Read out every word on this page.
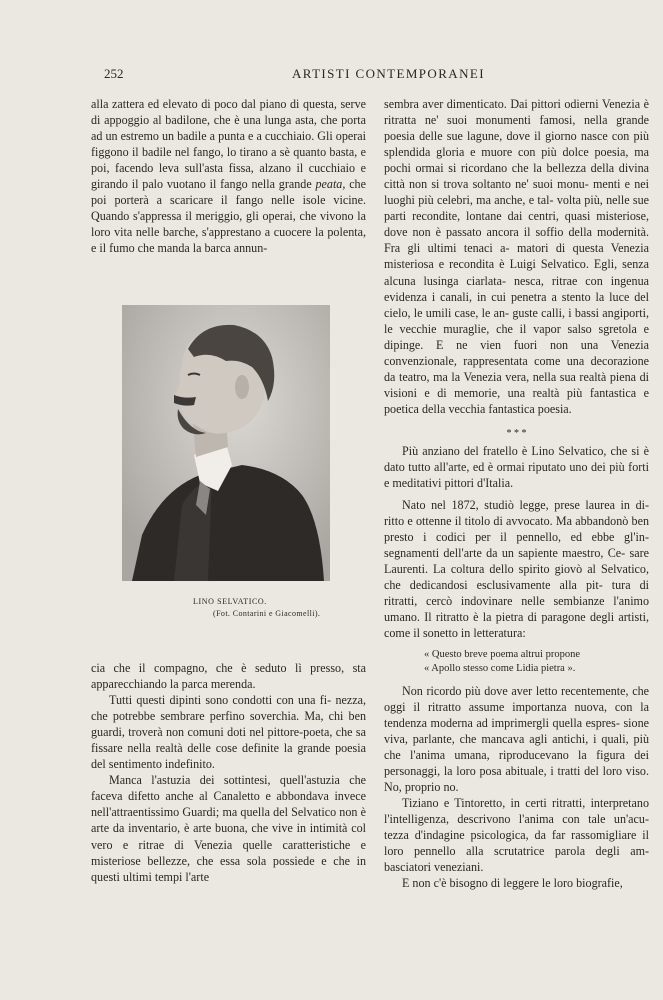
252	ARTISTI CONTEMPORANEI

alla zattera ed elevato di poco dal piano di questa, serve di appoggio al badilone, che è una lunga asta, che porta ad un estremo un badile a punta e a cucchiaio. Gli operai figgono il badile nel fango, lo tirano a sè quanto basta, e poi, facendo leva sull'asta fissa, alzano il cucchiaio e girando il palo vuotano il fango nella grande peata, che poi porterà a scaricare il fango nelle isole vicine. Quando s'appressa il meriggio, gli operai, che vivono la loro vita nelle barche, s'apprestano a cuocere la polenta, e il fumo che manda la barca annun-

LINO SELVATICO.
(Fot. Contarini e Giacomelli).

cia che il compagno, che è seduto lì presso, sta apparecchiando la parca merenda.

Tutti questi dipinti sono condotti con una fi- nezza, che potrebbe sembrare perfino soverchia. Ma, chi ben guardi, troverà non comuni doti nel pittore-poeta, che sa fissare nella realtà delle cose definite la grande poesia del sentimento indefinito.

Manca l'astuzia dei sottintesi, quell'astuzia che faceva difetto anche al Canaletto e abbondava invece nell'attraentissimo Guardi; ma quella del Selvatico non è arte da inventario, è arte buona, che vive in intimità col vero e ritrae di Venezia quelle caratteristiche e misteriose bellezze, che essa sola possiede e che in questi ultimi tempi l'arte

sembra aver dimenticato. Dai pittori odierni Venezia è ritratta ne' suoi monumenti famosi, nella grande poesia delle sue lagune, dove il giorno nasce con più splendida gloria e muore con più dolce poesia, ma pochi ormai si ricordano che la bellezza della divina città non si trova soltanto ne' suoi monu- menti e nei luoghi più celebri, ma anche, e tal- volta più, nelle sue parti recondite, lontane dai centri, quasi misteriose, dove non è passato ancora il soffio della modernità. Fra gli ultimi tenaci a- matori di questa Venezia misteriosa e recondita è Luigi Selvatico. Egli, senza alcuna lusinga ciarlata- nesca, ritrae con ingenua evidenza i canali, in cui penetra a stento la luce del cielo, le umili case, le an- guste calli, i bassi angiporti, le vecchie muraglie, che il vapor salso sgretola e dipinge. E ne vien fuori non una Venezia convenzionale, rappresentata come una decorazione da teatro, ma la Venezia vera, nella sua realtà piena di visioni e di memorie, una realtà più fantastica e poetica della vecchia fantastica poesia.

* * *

Più anziano del fratello è Lino Selvatico, che si è dato tutto all'arte, ed è ormai riputato uno dei più forti e meditativi pittori d'Italia.

Nato nel 1872, studiò legge, prese laurea in di- ritto e ottenne il titolo di avvocato. Ma abbandonò ben presto i codici per il pennello, ed ebbe gl'in- segnamenti dell'arte da un sapiente maestro, Ce- sare Laurenti. La coltura dello spirito giovò al Selvatico, che dedicandosi esclusivamente alla pit- tura di ritratti, cercò indovinare nelle sembianze l'animo umano. Il ritratto è la pietra di paragone degli artisti, come il sonetto in letteratura:

« Questo breve poema altrui propone
« Apollo stesso come Lidia pietra ».

Non ricordo più dove aver letto recentemente, che oggi il ritratto assume importanza nuova, con la tendenza moderna ad imprimergli quella espres- sione viva, parlante, che mancava agli antichi, i quali, più che l'anima umana, riproducevano la figura dei personaggi, la loro posa abituale, i tratti del loro viso. No, proprio no.

Tiziano e Tintoretto, in certi ritratti, interpretano l'intelligenza, descrivono l'anima con tale un'acu- tezza d'indagine psicologica, da far rassomigliare il loro pennello alla scrutatrice parola degli am- basciatori veneziani.

E non c'è bisogno di leggere le loro biografie,
